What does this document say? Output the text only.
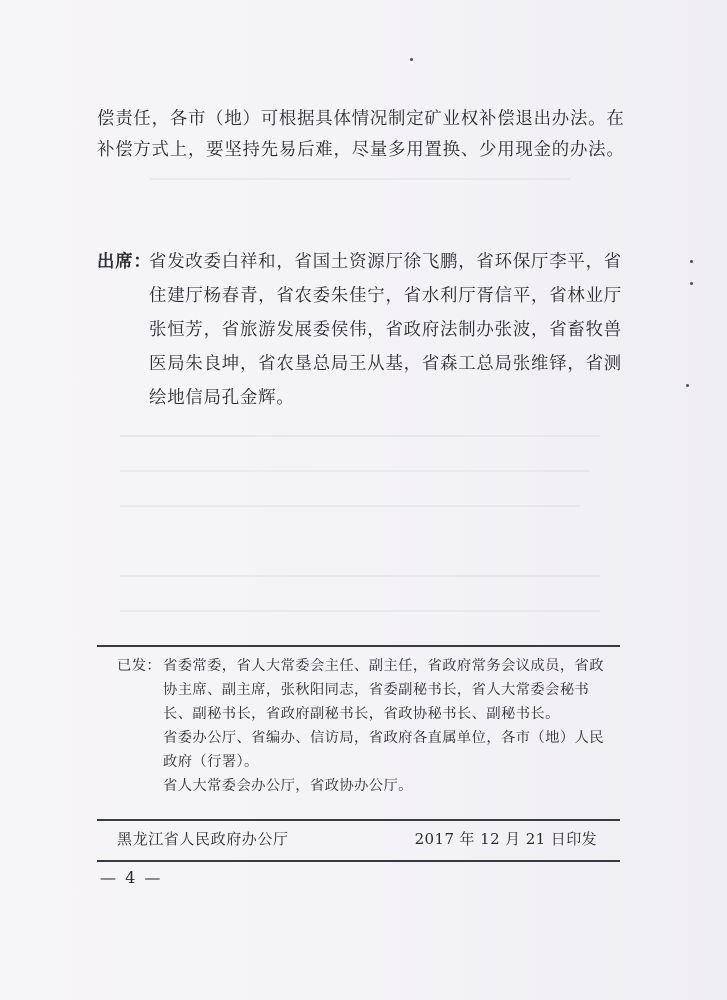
偿责任，各市（地）可根据具体情况制定矿业权补偿退出办法。在补偿方式上，要坚持先易后难，尽量多用置换、少用现金的办法。

出席：
省发改委白祥和，省国土资源厅徐飞鹏，省环保厅李平，省住建厅杨春青，省农委朱佳宁，省水利厅胥信平，省林业厅张恒芳，省旅游发展委侯伟，省政府法制办张波，省畜牧兽医局朱良坤，省农垦总局王从基，省森工总局张维铎，省测绘地信局孔金辉。
已发： 省委常委，省人大常委会主任、副主任，省政府常务会议成员，省政协主席、副主席，张秋阳同志，省委副秘书长，省人大常委会秘书长、副秘书长，省政府副秘书长，省政协秘书长、副秘书长。
省委办公厅、省编办、信访局，省政府各直属单位，各市（地）人民政府（行署）。
省人大常委会办公厅，省政协办公厅。
黑龙江省人民政府办公厅	2017 年 12 月 21 日印发
— 4 —
